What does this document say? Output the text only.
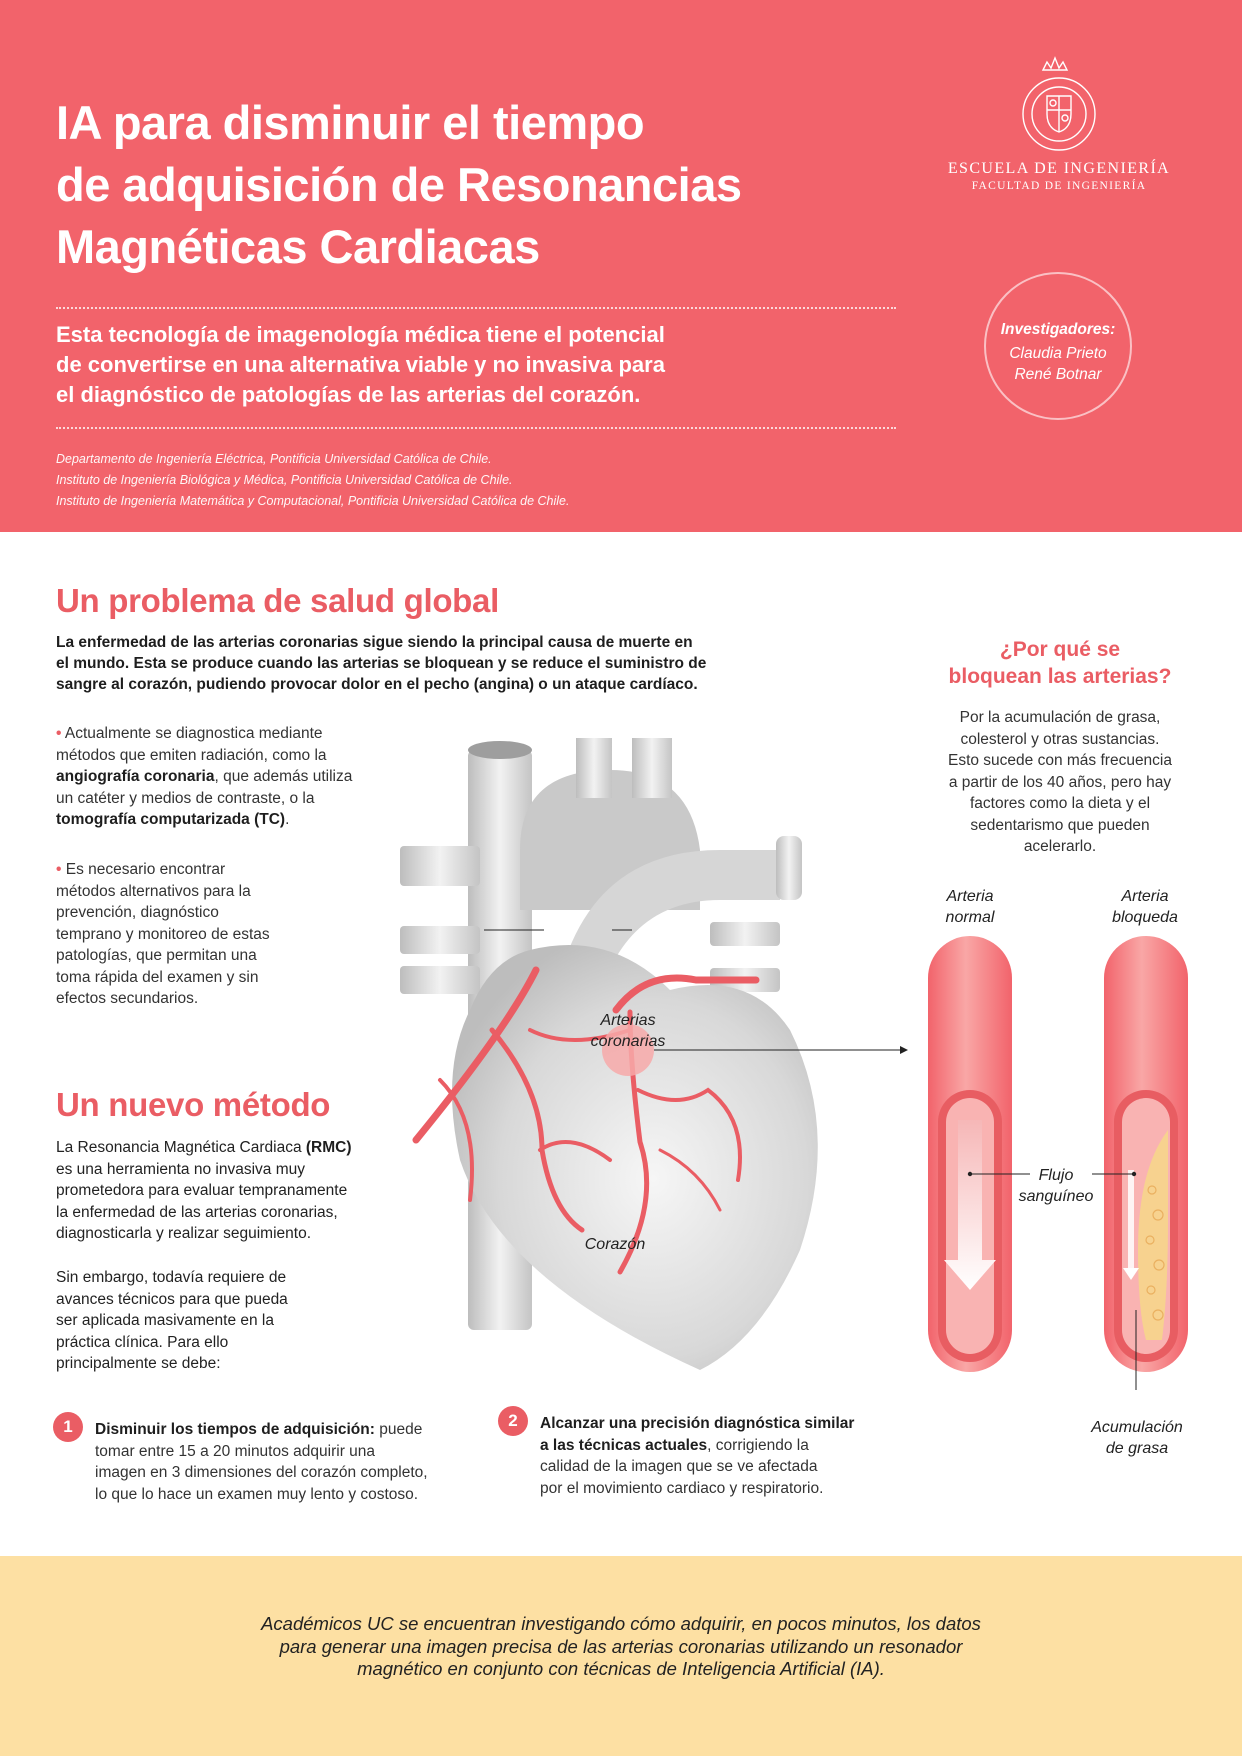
IA para disminuir el tiempo
de adquisición de Resonancias
Magnéticas Cardiacas
Esta tecnología de imagenología médica tiene el potencial
de convertirse en una alternativa viable y no invasiva para
el diagnóstico de patologías de las arterias del corazón.
Departamento de Ingeniería Eléctrica, Pontificia Universidad Católica de Chile.
Instituto de Ingeniería Biológica y Médica, Pontificia Universidad Católica de Chile.
Instituto de Ingeniería Matemática y Computacional, Pontificia Universidad Católica de Chile.
ESCUELA DE INGENIERÍA
FACULTAD DE INGENIERÍA
Investigadores:
Claudia Prieto
René Botnar
Un problema de salud global
La enfermedad de las arterias coronarias sigue siendo la principal causa de muerte en
el mundo. Esta se produce cuando las arterias se bloquean y se reduce el suministro de
sangre al corazón, pudiendo provocar dolor en el pecho (angina) o un ataque cardíaco.
• Actualmente se diagnostica mediante
métodos que emiten radiación, como la
angiografía coronaria, que además utiliza
un catéter y medios de contraste, o la
tomografía computarizada (TC).
• Es necesario encontrar
métodos alternativos para la
prevención, diagnóstico
temprano y monitoreo de estas
patologías, que permitan una
toma rápida del examen y sin
efectos secundarios.
¿Por qué se
bloquean las arterias?
Por la acumulación de grasa,
colesterol y otras sustancias.
Esto sucede con más frecuencia
a partir de los 40 años, pero hay
factores como la dieta y el
sedentarismo que pueden
acelerarlo.
Arteria
normal
Arteria
bloqueda
Arterias
coronarias
Corazón
Flujo
sanguíneo
Acumulación
de grasa
Un nuevo método
La Resonancia Magnética Cardiaca (RMC)
es una herramienta no invasiva muy
prometedora para evaluar tempranamente
la enfermedad de las arterias coronarias,
diagnosticarla y realizar seguimiento.
Sin embargo, todavía requiere de
avances técnicos para que pueda
ser aplicada masivamente en la
práctica clínica. Para ello
principalmente se debe:
1	Disminuir los tiempos de adquisición: puede
tomar entre 15 a 20 minutos adquirir una
imagen en 3 dimensiones del corazón completo,
lo que lo hace un examen muy lento y costoso.
2	Alcanzar una precisión diagnóstica similar
a las técnicas actuales, corrigiendo la
calidad de la imagen que se ve afectada
por el movimiento cardiaco y respiratorio.
Académicos UC se encuentran investigando cómo adquirir, en pocos minutos, los datos
para generar una imagen precisa de las arterias coronarias utilizando un resonador
magnético en conjunto con técnicas de Inteligencia Artificial (IA).
